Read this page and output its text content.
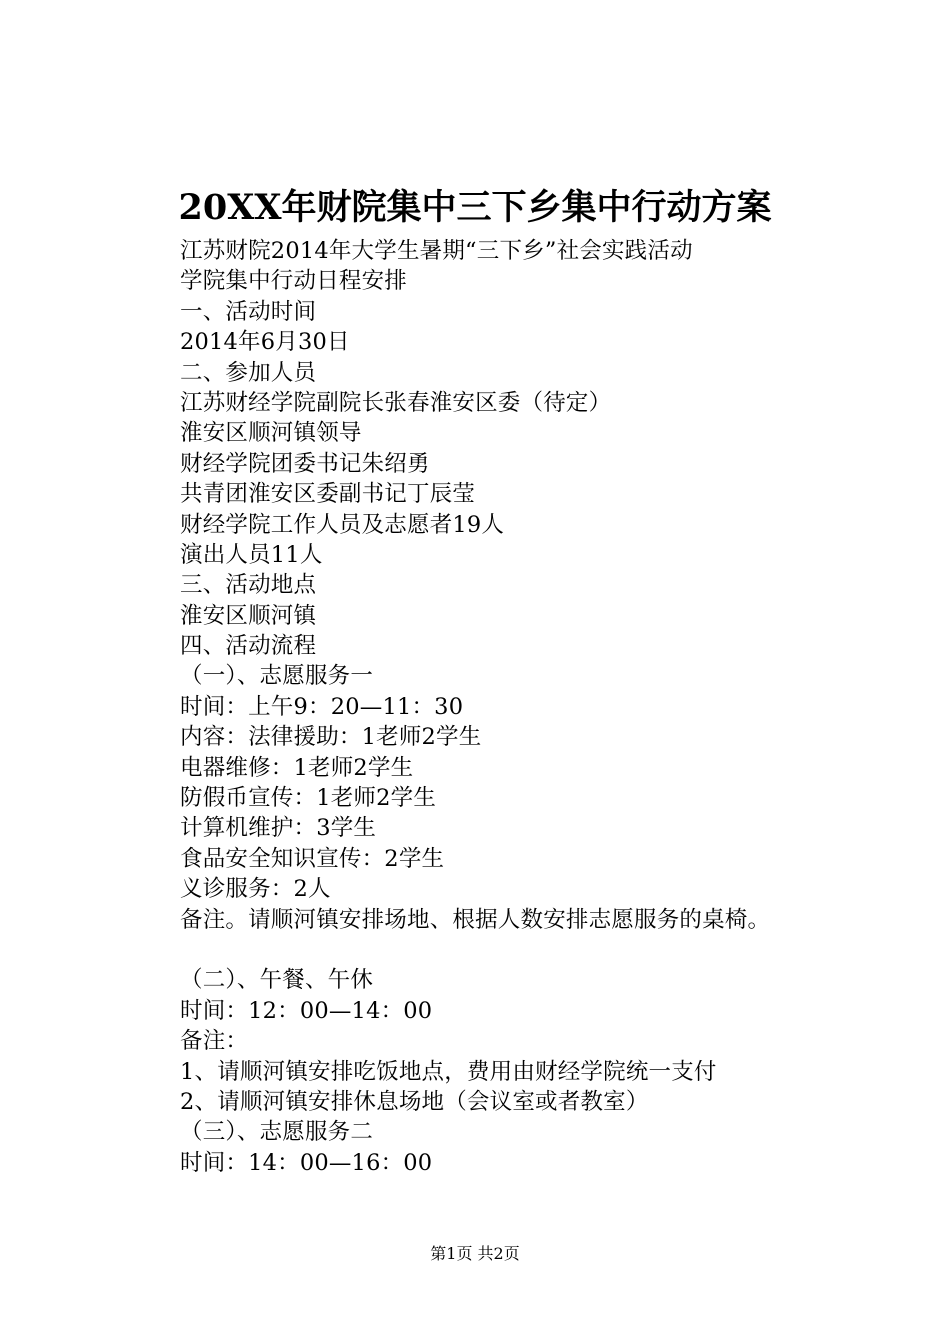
20XX年财院集中三下乡集中行动方案
江苏财院2014年大学生暑期“三下乡”社会实践活动
学院集中行动日程安排
一、活动时间
2014年6月30日
二、参加人员
江苏财经学院副院长张春淮安区委（待定）
淮安区顺河镇领导
财经学院团委书记朱绍勇
共青团淮安区委副书记丁辰莹
财经学院工作人员及志愿者19人
演出人员11人
三、活动地点
淮安区顺河镇
四、活动流程
（一）、志愿服务一
时间：上午9：20—11：30
内容：法律援助：1老师2学生
电器维修：1老师2学生
防假币宣传：1老师2学生
计算机维护：3学生
食品安全知识宣传：2学生
义诊服务：2人
备注。请顺河镇安排场地、根据人数安排志愿服务的桌椅。
（二）、午餐、午休
时间：12：00—14：00
备注：
1、请顺河镇安排吃饭地点，费用由财经学院统一支付
2、请顺河镇安排休息场地（会议室或者教室）
（三）、志愿服务二
时间：14：00—16：00
第1页 共2页
